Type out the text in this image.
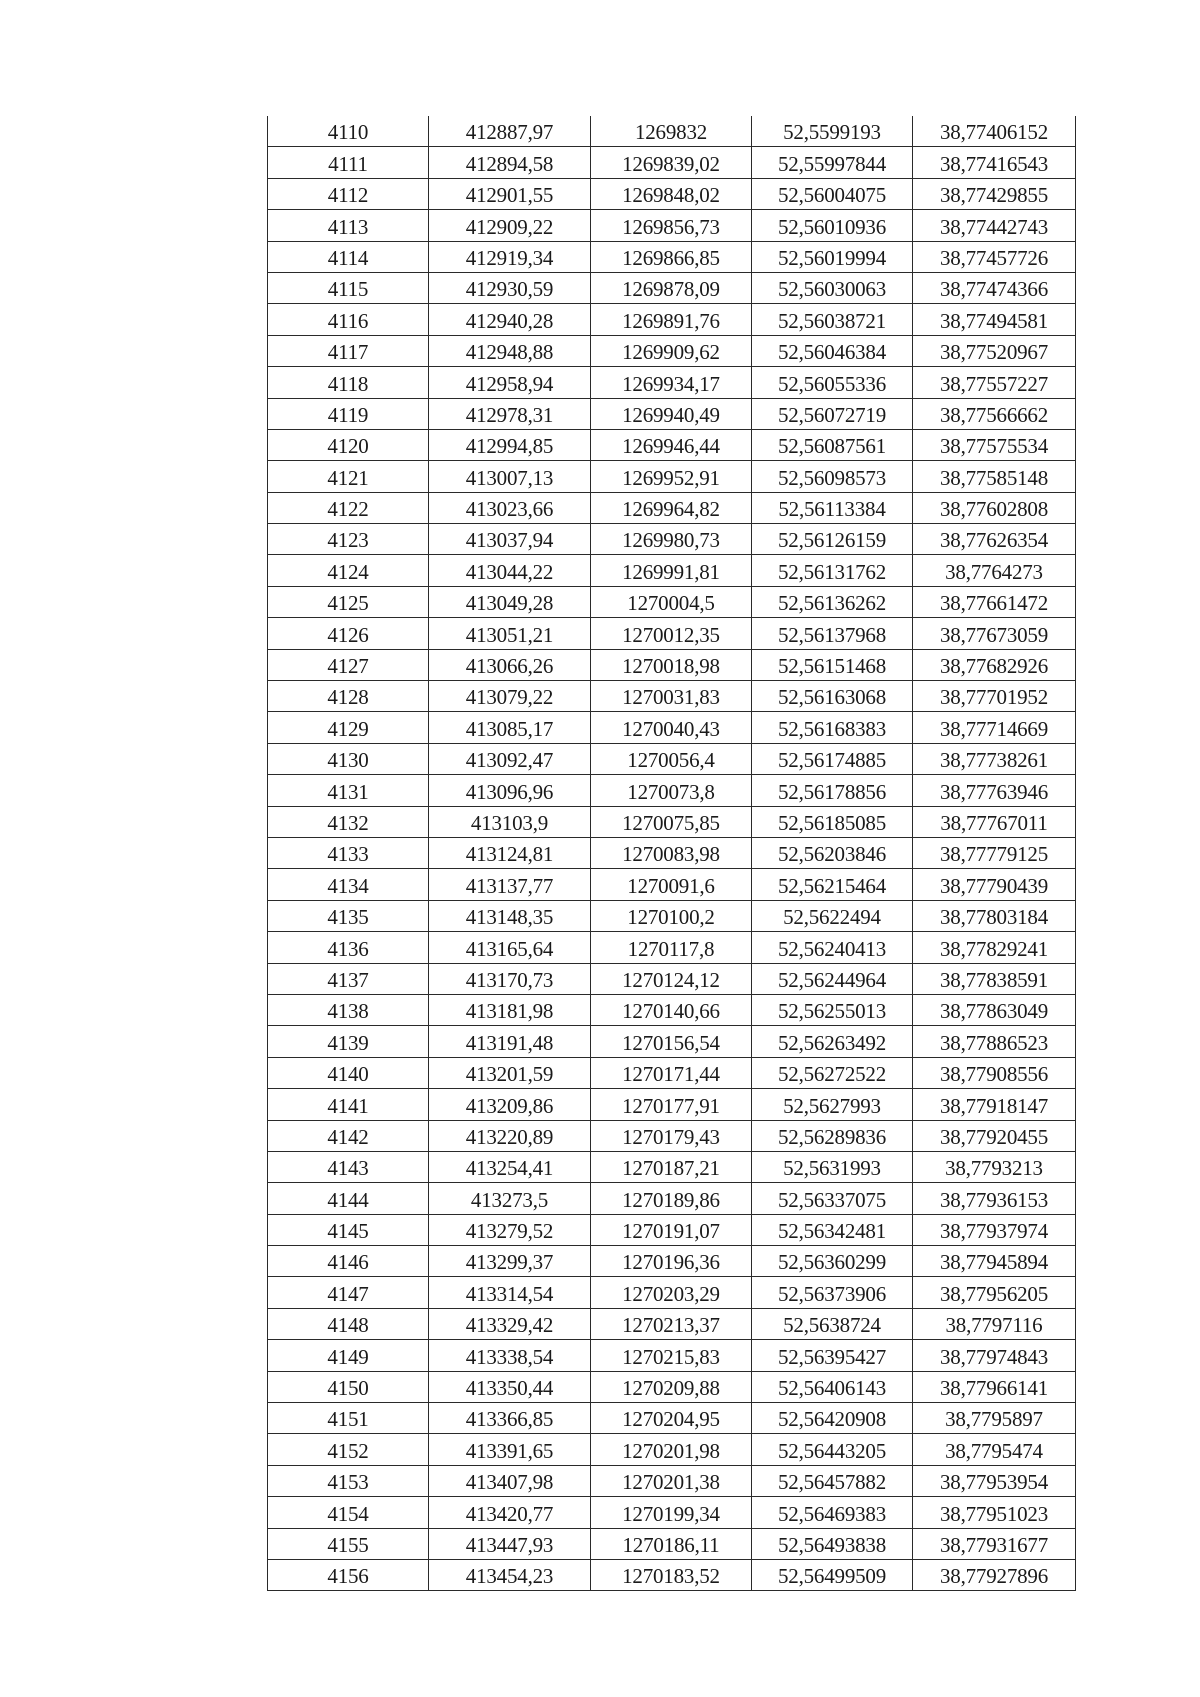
4110	412887,97	1269832	52,5599193	38,77406152
4111	412894,58	1269839,02	52,55997844	38,77416543
4112	412901,55	1269848,02	52,56004075	38,77429855
4113	412909,22	1269856,73	52,56010936	38,77442743
4114	412919,34	1269866,85	52,56019994	38,77457726
4115	412930,59	1269878,09	52,56030063	38,77474366
4116	412940,28	1269891,76	52,56038721	38,77494581
4117	412948,88	1269909,62	52,56046384	38,77520967
4118	412958,94	1269934,17	52,56055336	38,77557227
4119	412978,31	1269940,49	52,56072719	38,77566662
4120	412994,85	1269946,44	52,56087561	38,77575534
4121	413007,13	1269952,91	52,56098573	38,77585148
4122	413023,66	1269964,82	52,56113384	38,77602808
4123	413037,94	1269980,73	52,56126159	38,77626354
4124	413044,22	1269991,81	52,56131762	38,7764273
4125	413049,28	1270004,5	52,56136262	38,77661472
4126	413051,21	1270012,35	52,56137968	38,77673059
4127	413066,26	1270018,98	52,56151468	38,77682926
4128	413079,22	1270031,83	52,56163068	38,77701952
4129	413085,17	1270040,43	52,56168383	38,77714669
4130	413092,47	1270056,4	52,56174885	38,77738261
4131	413096,96	1270073,8	52,56178856	38,77763946
4132	413103,9	1270075,85	52,56185085	38,77767011
4133	413124,81	1270083,98	52,56203846	38,77779125
4134	413137,77	1270091,6	52,56215464	38,77790439
4135	413148,35	1270100,2	52,5622494	38,77803184
4136	413165,64	1270117,8	52,56240413	38,77829241
4137	413170,73	1270124,12	52,56244964	38,77838591
4138	413181,98	1270140,66	52,56255013	38,77863049
4139	413191,48	1270156,54	52,56263492	38,77886523
4140	413201,59	1270171,44	52,56272522	38,77908556
4141	413209,86	1270177,91	52,5627993	38,77918147
4142	413220,89	1270179,43	52,56289836	38,77920455
4143	413254,41	1270187,21	52,5631993	38,7793213
4144	413273,5	1270189,86	52,56337075	38,77936153
4145	413279,52	1270191,07	52,56342481	38,77937974
4146	413299,37	1270196,36	52,56360299	38,77945894
4147	413314,54	1270203,29	52,56373906	38,77956205
4148	413329,42	1270213,37	52,5638724	38,7797116
4149	413338,54	1270215,83	52,56395427	38,77974843
4150	413350,44	1270209,88	52,56406143	38,77966141
4151	413366,85	1270204,95	52,56420908	38,7795897
4152	413391,65	1270201,98	52,56443205	38,7795474
4153	413407,98	1270201,38	52,56457882	38,77953954
4154	413420,77	1270199,34	52,56469383	38,77951023
4155	413447,93	1270186,11	52,56493838	38,77931677
4156	413454,23	1270183,52	52,56499509	38,77927896
